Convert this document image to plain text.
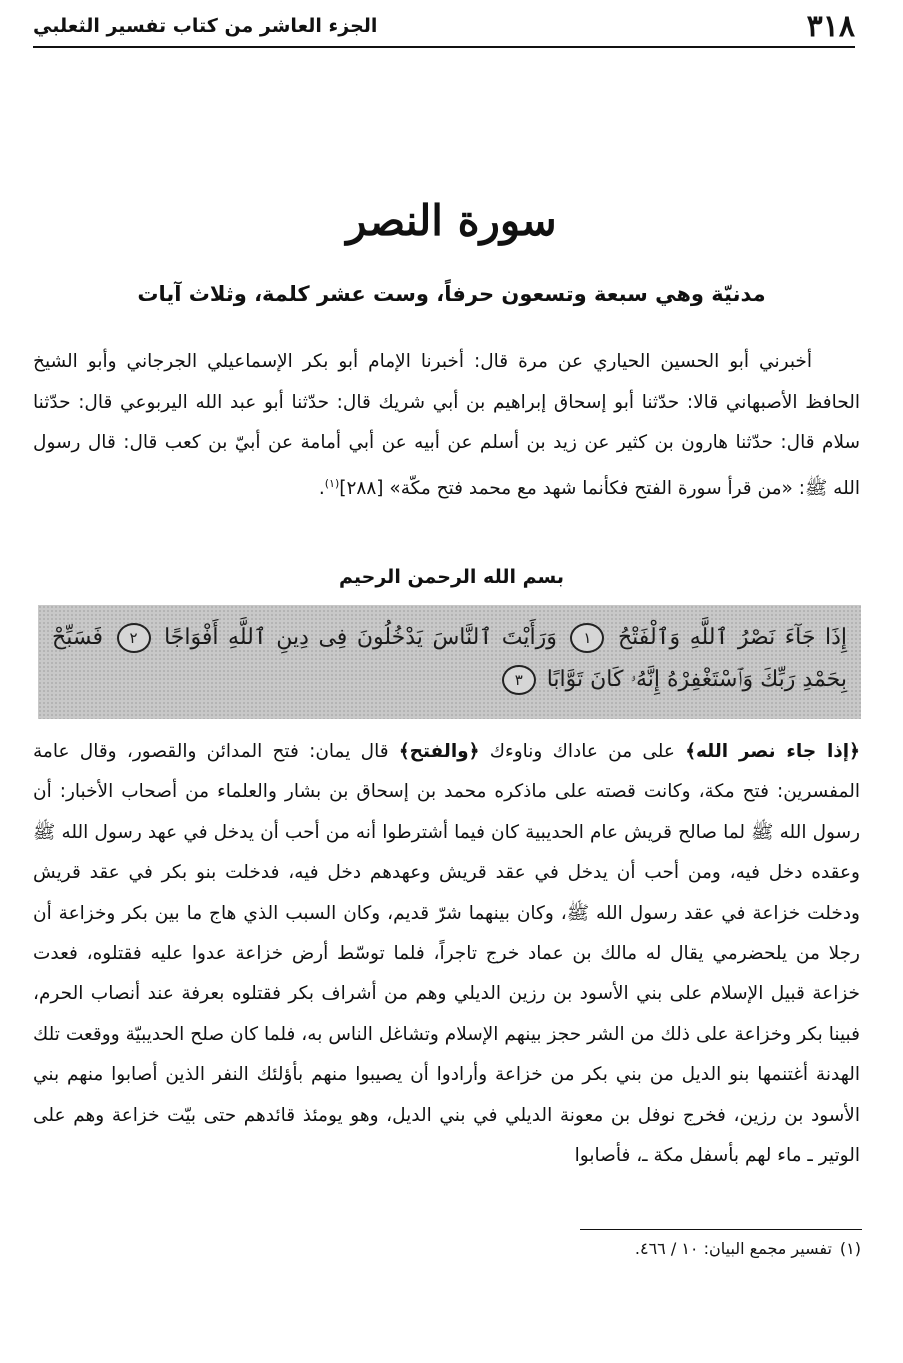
٣١٨
الجزء العاشر من كتاب تفسير الثعلبي
سورة النصر
مدنيّة وهي سبعة وتسعون حرفاً، وست عشر كلمة، وثلاث آيات

أخبرني أبو الحسين الحياري عن مرة قال: أخبرنا الإمام أبو بكر الإسماعيلي الجرجاني وأبو الشيخ الحافظ الأصبهاني قالا: حدّثنا أبو إسحاق إبراهيم بن أبي شريك قال: حدّثنا أبو عبد الله اليربوعي قال: حدّثنا سلام قال: حدّثنا هارون بن كثير عن زيد بن أسلم عن أبيه عن أبي أمامة عن أبيّ بن كعب قال: قال رسول الله ﷺ: «من قرأ سورة الفتح فكأنما شهد مع محمد فتح مكّة» [٢٨٨]$^{(١)}$.

بسم الله الرحمن الرحيم
إِذَا جَآءَ نَصْرُ ٱللَّهِ وَٱلْفَتْحُ ١ وَرَأَيْتَ ٱلنَّاسَ يَدْخُلُونَ فِى دِينِ ٱللَّهِ أَفْوَاجًا ٢ فَسَبِّحْ بِحَمْدِ رَبِّكَ وَٱسْتَغْفِرْهُ إِنَّهُۥ كَانَ تَوَّابًا ٣

﴿إذا جاء نصر الله﴾ على من عاداك وناوءك ﴿والفتح﴾ قال يمان: فتح المدائن والقصور، وقال عامة المفسرين: فتح مكة، وكانت قصته على ماذكره محمد بن إسحاق بن بشار والعلماء من أصحاب الأخبار: أن رسول الله ﷺ لما صالح قريش عام الحديبية كان فيما أشترطوا أنه من أحب أن يدخل في عهد رسول الله ﷺ وعقده دخل فيه، ومن أحب أن يدخل في عقد قريش وعهدهم دخل فيه، فدخلت بنو بكر في عقد قريش ودخلت خزاعة في عقد رسول الله ﷺ، وكان بينهما شرّ قديم، وكان السبب الذي هاج ما بين بكر وخزاعة أن رجلا من يلحضرمي يقال له مالك بن عماد خرج تاجراً، فلما توسّط أرض خزاعة عدوا عليه فقتلوه، فعدت خزاعة قبيل الإسلام على بني الأسود بن رزين الديلي وهم من أشراف بكر فقتلوه بعرفة عند أنصاب الحرم، فبينا بكر وخزاعة على ذلك من الشر حجز بينهم الإسلام وتشاغل الناس به، فلما كان صلح الحديبيّة ووقعت تلك الهدنة أغتنمها بنو الديل من بني بكر من خزاعة وأرادوا أن يصيبوا منهم بأؤلئك النفر الذين أصابوا منهم بني الأسود بن رزين، فخرج نوفل بن معونة الديلي في بني الديل، وهو يومئذ قائدهم حتى بيّت خزاعة وهم على الوتير ـ ماء لهم بأسفل مكة ـ، فأصابوا

(١)تفسير مجمع البيان: ١٠ / ٤٦٦.
